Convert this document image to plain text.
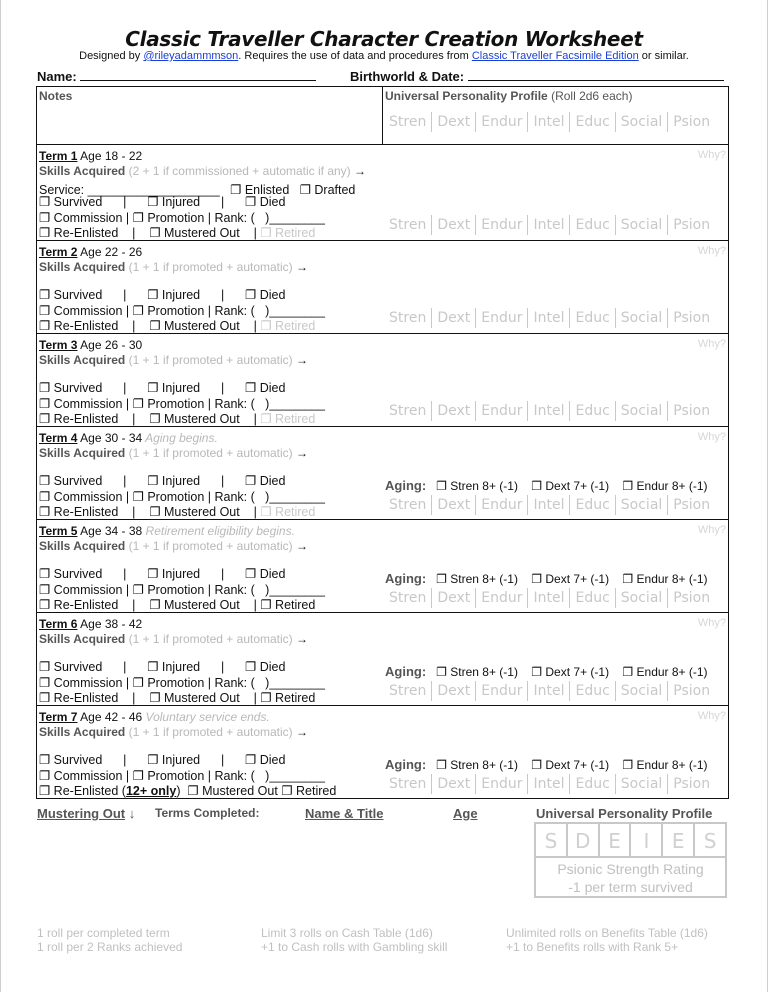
Classic Traveller Character Creation Worksheet
Designed by @rileyadammmson. Requires the use of data and procedures from Classic Traveller Facsimile Edition or similar.
Name:	Birthworld & Date:
Notes	Universal Personality Profile (Roll 2d6 each)
Stren Dext Endur Intel Educ Social Psion
Term 1 Age 18 - 22	Why?
Skills Acquired (2 + 1 if commissioned + automatic if any) →
Service: ___________________ ❐ Enlisted ❐ Drafted
❐ Survived      |      ❐ Injured      |      ❐ Died
❐ Commission | ❐ Promotion | Rank: (   )________
❐ Re-Enlisted    |    ❐ Mustered Out    | ❐ Retired	Stren Dext Endur Intel Educ Social Psion
Term 2 Age 22 - 26	Why?
Skills Acquired (1 + 1 if promoted + automatic) →
❐ Survived      |      ❐ Injured      |      ❐ Died
❐ Commission | ❐ Promotion | Rank: (   )________
❐ Re-Enlisted    |    ❐ Mustered Out    | ❐ Retired	Stren Dext Endur Intel Educ Social Psion
Term 3 Age 26 - 30	Why?
Skills Acquired (1 + 1 if promoted + automatic) →
❐ Survived      |      ❐ Injured      |      ❐ Died
❐ Commission | ❐ Promotion | Rank: (   )________
❐ Re-Enlisted    |    ❐ Mustered Out    | ❐ Retired	Stren Dext Endur Intel Educ Social Psion
Term 4 Age 30 - 34 Aging begins.	Why?
Skills Acquired (1 + 1 if promoted + automatic) →
❐ Survived      |      ❐ Injured      |      ❐ Died
❐ Commission | ❐ Promotion | Rank: (   )________
❐ Re-Enlisted    |    ❐ Mustered Out    | ❐ Retired
Aging: ❐ Stren 8+ (-1) ❐ Dext 7+ (-1) ❐ Endur 8+ (-1)
Stren Dext Endur Intel Educ Social Psion
Term 5 Age 34 - 38 Retirement eligibility begins.	Why?
Skills Acquired (1 + 1 if promoted + automatic) →
❐ Survived      |      ❐ Injured      |      ❐ Died
❐ Commission | ❐ Promotion | Rank: (   )________
❐ Re-Enlisted    |    ❐ Mustered Out    | ❐ Retired
Aging: ❐ Stren 8+ (-1) ❐ Dext 7+ (-1) ❐ Endur 8+ (-1)
Stren Dext Endur Intel Educ Social Psion
Term 6 Age 38 - 42	Why?
Skills Acquired (1 + 1 if promoted + automatic) →
❐ Survived      |      ❐ Injured      |      ❐ Died
❐ Commission | ❐ Promotion | Rank: (   )________
❐ Re-Enlisted    |    ❐ Mustered Out    | ❐ Retired
Aging: ❐ Stren 8+ (-1) ❐ Dext 7+ (-1) ❐ Endur 8+ (-1)
Stren Dext Endur Intel Educ Social Psion
Term 7 Age 42 - 46 Voluntary service ends.	Why?
Skills Acquired (1 + 1 if promoted + automatic) →
❐ Survived      |      ❐ Injured      |      ❐ Died
❐ Commission | ❐ Promotion | Rank: (   )________
❐ Re-Enlisted (12+ only)  ❐ Mustered Out ❐ Retired
Aging: ❐ Stren 8+ (-1) ❐ Dext 7+ (-1) ❐ Endur 8+ (-1)
Stren Dext Endur Intel Educ Social Psion
Mustering Out ↓ Terms Completed:	Name & Title	Age	Universal Personality Profile
S D E	I	E S
Psionic Strength Rating
-1 per term survived
1 roll per completed term
1 roll per 2 Ranks achieved
Limit 3 rolls on Cash Table (1d6)
+1 to Cash rolls with Gambling skill
Unlimited rolls on Benefits Table (1d6)
+1 to Benefits rolls with Rank 5+
